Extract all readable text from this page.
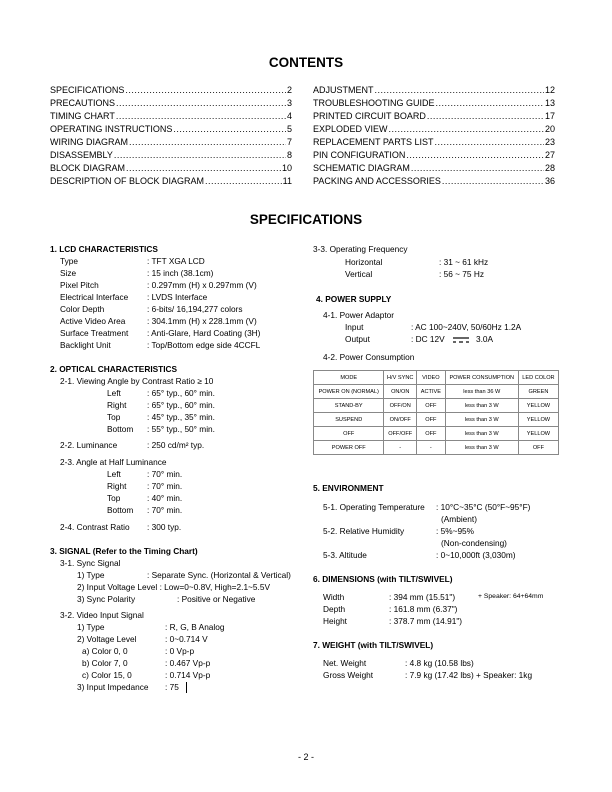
CONTENTS
SPECIFICATIONS .....	2
PRECAUTIONS .....	3
TIMING CHART .....	4
OPERATING INSTRUCTIONS .....	5
WIRING DIAGRAM .....	7
DISASSEMBLY .....	8
BLOCK DIAGRAM .....	10
DESCRIPTION OF BLOCK DIAGRAM .....	11
ADJUSTMENT .....	12
TROUBLESHOOTING GUIDE .....	13
PRINTED CIRCUIT BOARD .....	17
EXPLODED VIEW .....	20
REPLACEMENT PARTS LIST .....	23
PIN CONFIGURATION .....	27
SCHEMATIC DIAGRAM .....	28
PACKING AND ACCESSORIES .....	36
SPECIFICATIONS
1. LCD CHARACTERISTICS
Type	: TFT XGA LCD
Size	: 15 inch (38.1cm)
Pixel Pitch	: 0.297mm (H) x 0.297mm (V)
Electrical Interface : LVDS Interface
Color Depth	: 6-bits/ 16,194,277 colors
Active Video Area	: 304.1mm (H) x 228.1mm (V)
Surface Treatment : Anti-Glare, Hard Coating (3H)
Backlight Unit	: Top/Bottom edge side 4CCFL
2. OPTICAL CHARACTERISTICS
2-1. Viewing Angle by Contrast Ratio ≥ 10
Left	: 65° typ., 60° min.
Right : 65° typ., 60° min.
Top	: 45° typ., 35° min.
Bottom : 55° typ., 50° min.
2-2. Luminance	: 250 cd/m² typ.
2-3. Angle at Half Luminance
Left	: 70° min.
Right : 70° min.
Top	: 40° min.
Bottom : 70° min.
2-4. Contrast Ratio : 300 typ.
3. SIGNAL (Refer to the Timing Chart)
3-1. Sync Signal
1) Type	: Separate Sync. (Horizontal & Vertical)
2) Input Voltage Level : Low=0~0.8V, High=2.1~5.5V
3) Sync Polarity	: Positive or Negative
3-2. Video Input Signal
1) Type	: R, G, B Analog
2) Voltage Level	: 0~0.714 V
a) Color 0, 0	: 0 Vp-p
b) Color 7, 0	: 0.467 Vp-p
c) Color 15, 0	: 0.714 Vp-p
3) Input Impedance : 75
3-3. Operating Frequency
Horizontal	: 31 ~ 61 kHz
Vertical	: 56 ~ 75 Hz
4. POWER SUPPLY
4-1. Power Adaptor
Input	: AC 100~240V, 50/60Hz 1.2A
Output	: DC 12V	3.0A
4-2. Power Consumption
MODE	H/V SYNC	VIDEO	POWER CONSUMPTION	LED COLOR
POWER ON (NORMAL)	ON/ON	ACTIVE	less than 36 W	GREEN
STAND-BY	OFF/ON	OFF	less than 3 W	YELLOW
SUSPEND	ON/OFF	OFF	less than 3 W	YELLOW
OFF	OFF/OFF	OFF	less than 3 W	YELLOW
POWER OFF	-	-	less than 3 W	OFF
5. ENVIRONMENT
5-1. Operating Temperature : 10°C~35°C (50°F~95°F)
(Ambient)
5-2. Relative Humidity	: 5%~95%
(Non-condensing)
5-3. Altitude	: 0~10,000ft (3,030m)
6. DIMENSIONS (with TILT/SWIVEL)
Width	: 394 mm (15.51")	+ Speaker: 64+64mm
Depth	: 161.8 mm (6.37")
Height	: 378.7 mm (14.91")
7. WEIGHT (with TILT/SWIVEL)
Net. Weight	: 4.8 kg (10.58 lbs)
Gross Weight	: 7.9 kg (17.42 lbs) + Speaker: 1kg
- 2 -
